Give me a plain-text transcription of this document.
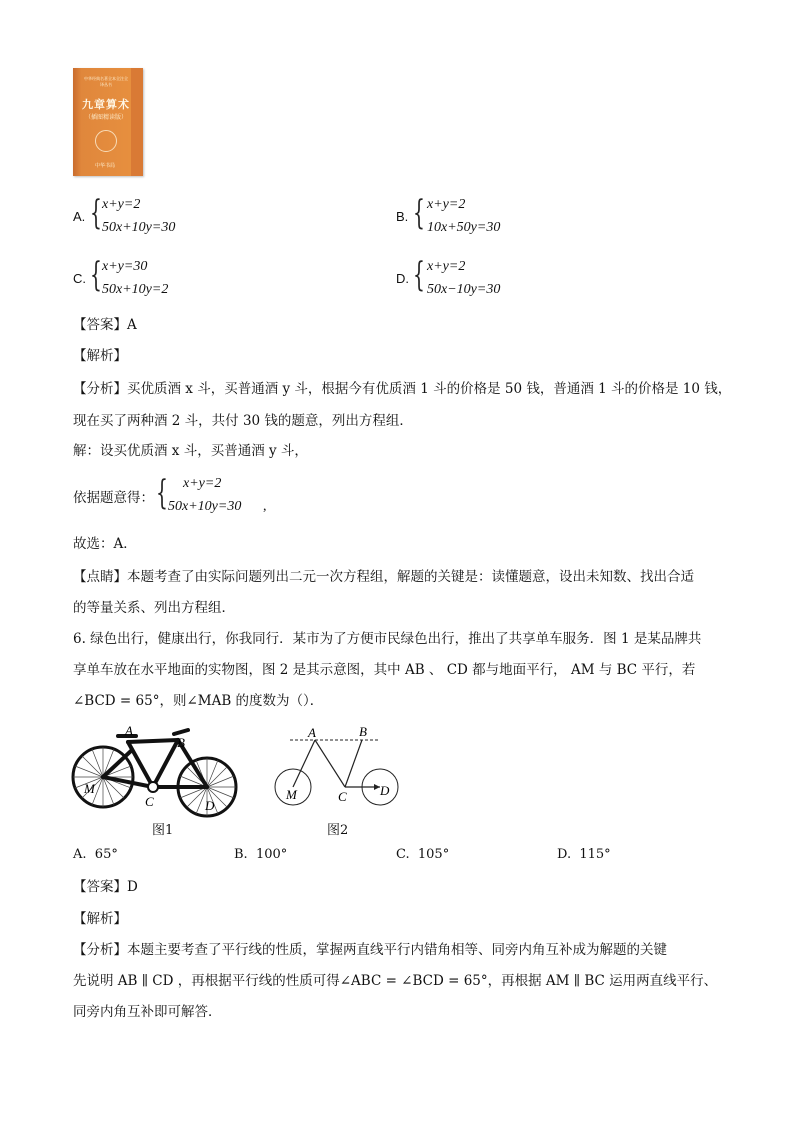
中华经典名著全本全注全译丛书
九章算术
（插图精读版）
中华书局
A. { x+y=2
50x+10y=30
B. { x+y=2
10x+50y=30
C. { x+y=30
50x+10y=2
D. { x+y=2
50x−10y=30
【答案】A
【解析】
【分析】买优质酒 x 斗，买普通酒 y 斗，根据今有优质酒 1 斗的价格是 50 钱，普通酒 1 斗的价格是 10 钱，
现在买了两种酒 2 斗，共付 30 钱的题意，列出方程组．
解：设买优质酒 x 斗，买普通酒 y 斗，
依据题意得： { x+y=2
50x+10y=30 ,
故选：A．
【点睛】本题考查了由实际问题列出二元一次方程组，解题的关键是：读懂题意，设出未知数、找出合适
的等量关系、列出方程组．
6. 绿色出行，健康出行，你我同行．某市为了方便市民绿色出行，推出了共享单车服务．图 1 是某品牌共
享单车放在水平地面的实物图，图 2 是其示意图，其中 AB 、 CD 都与地面平行， AM 与 BC 平行，若
∠BCD = 65°，则∠MAB 的度数为（）．
A
B
C	D
M
图1
A	B
C	D
M
图2
A. 65°	B. 100°	C. 105°	D. 115°
【答案】D
【解析】
【分析】本题主要考查了平行线的性质，掌握两直线平行内错角相等、同旁内角互补成为解题的关键
先说明 AB ∥ CD ，再根据平行线的性质可得∠ABC = ∠BCD = 65°，再根据 AM ∥ BC 运用两直线平行、
同旁内角互补即可解答．
